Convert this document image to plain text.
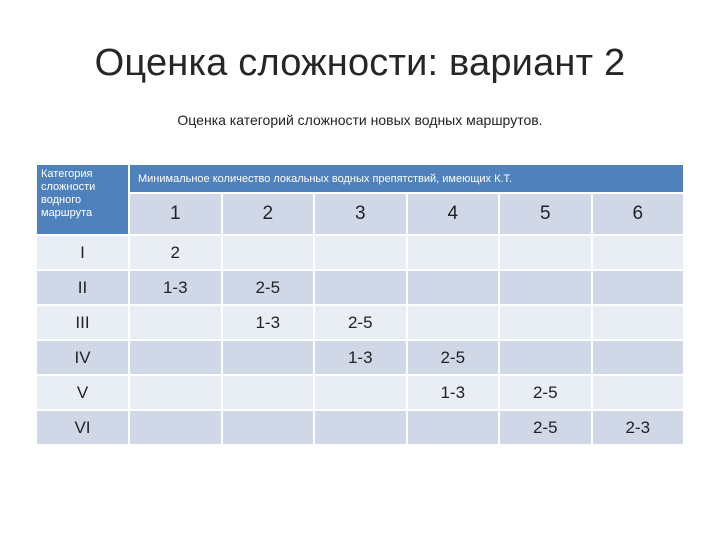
Оценка сложности: вариант 2
Оценка категорий сложности новых водных маршрутов.
Категория сложности водного маршрута	Минимальное количество локальных водных препятствий, имеющих К.Т.					
	1	2	3	4	5	6
I	2					
II	1-3	2-5				
III		1-3	2-5			
IV			1-3	2-5		
V				1-3	2-5	
VI					2-5	2-3
